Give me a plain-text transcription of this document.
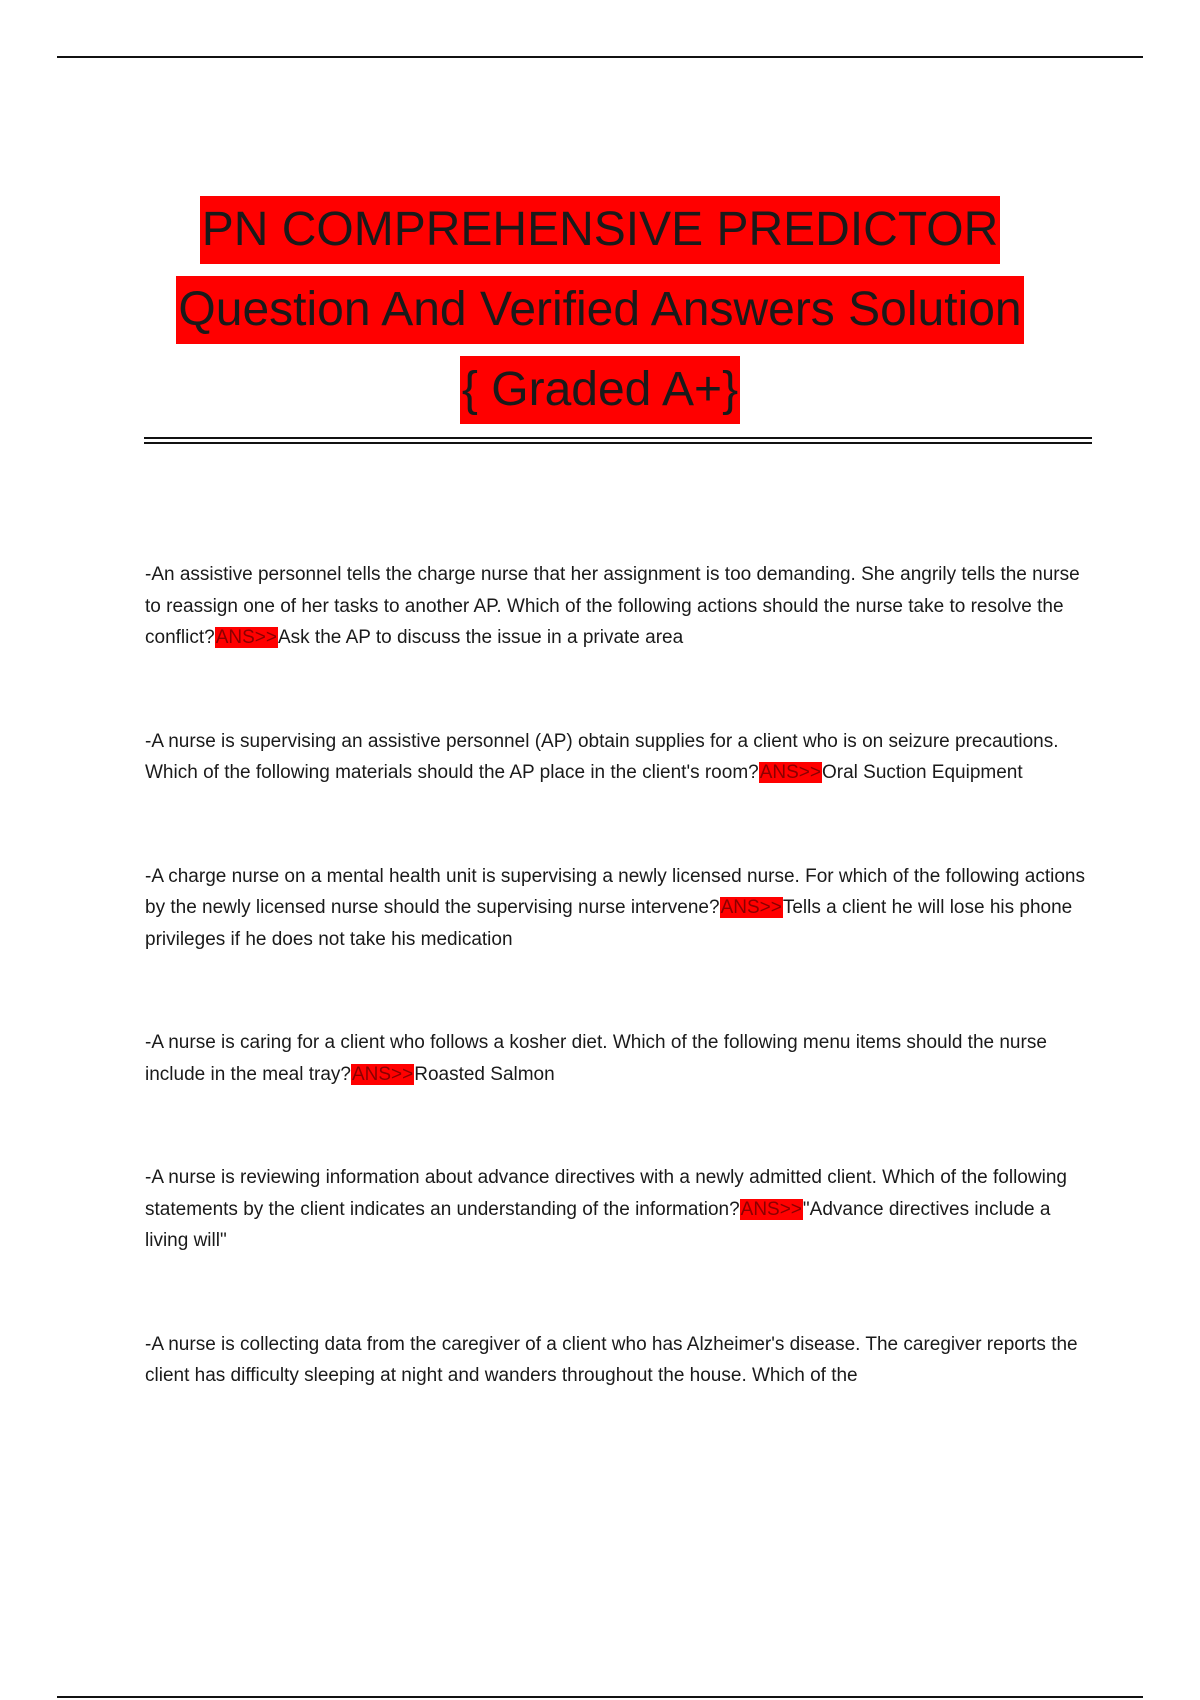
PN COMPREHENSIVE PREDICTOR
Question And Verified Answers Solution
{ Graded A+}

-An assistive personnel tells the charge nurse that her assignment is too demanding. She angrily tells the nurse to reassign one of her tasks to another AP. Which of the following actions should the nurse take to resolve the conflict?ANS>>Ask the AP to discuss the issue in a private area

-A nurse is supervising an assistive personnel (AP) obtain supplies for a client who is on seizure precautions. Which of the following materials should the AP place in the client's room?ANS>>Oral Suction Equipment

-A charge nurse on a mental health unit is supervising a newly licensed nurse. For which of the following actions by the newly licensed nurse should the supervising nurse intervene?ANS>>Tells a client he will lose his phone privileges if he does not take his medication

-A nurse is caring for a client who follows a kosher diet. Which of the following menu items should the nurse include in the meal tray?ANS>>Roasted Salmon

-A nurse is reviewing information about advance directives with a newly admitted client. Which of the following statements by the client indicates an understanding of the information?ANS>>"Advance directives include a living will"

-A nurse is collecting data from the caregiver of a client who has Alzheimer's disease. The caregiver reports the client has difficulty sleeping at night and wanders throughout the house. Which of the
